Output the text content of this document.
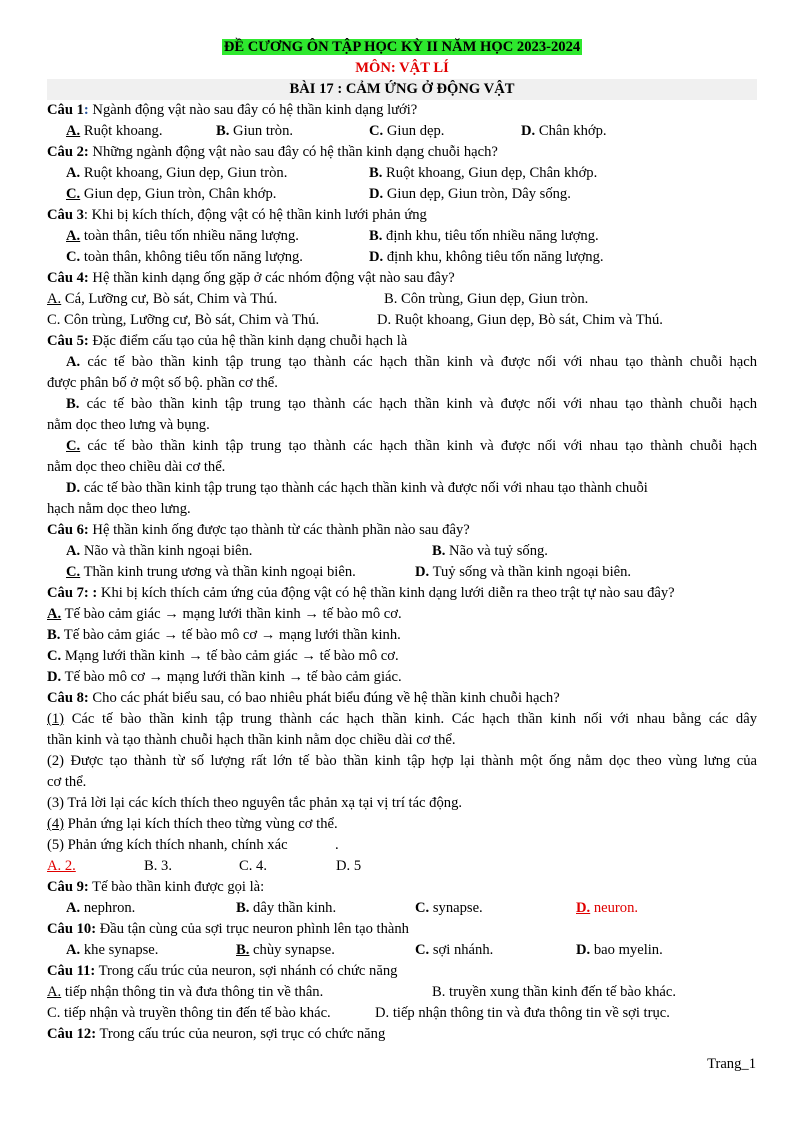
ĐỀ CƯƠNG ÔN TẬP HỌC KỲ II NĂM HỌC 2023-2024
MÔN: VẬT LÍ
BÀI 17 : CẢM ỨNG Ở ĐỘNG VẬT
Câu 1: Ngành động vật nào sau đây có hệ thần kinh dạng lưới?
A. Ruột khoang.	B. Giun tròn.	C. Giun dẹp.	D. Chân khớp.
Câu 2: Những ngành động vật nào sau đây có hệ thần kinh dạng chuỗi hạch?
A. Ruột khoang, Giun dẹp, Giun tròn.	B. Ruột khoang, Giun dẹp, Chân khớp.
C. Giun dẹp, Giun tròn, Chân khớp.	D. Giun dẹp, Giun tròn, Dây sống.
Câu 3: Khi bị kích thích, động vật có hệ thần kinh lưới phản ứng
A. toàn thân, tiêu tốn nhiều năng lượng.	B. định khu, tiêu tốn nhiều năng lượng.
C. toàn thân, không tiêu tốn năng lượng.	D. định khu, không tiêu tốn năng lượng.
Câu 4: Hệ thần kinh dạng ống gặp ở các nhóm động vật nào sau đây?
A. Cá, Lưỡng cư, Bò sát, Chim và Thú.	B. Côn trùng, Giun dẹp, Giun tròn.
C. Côn trùng, Lưỡng cư, Bò sát, Chim và Thú.	D. Ruột khoang, Giun dẹp, Bò sát, Chim và Thú.
Câu 5: Đặc điểm cấu tạo của hệ thần kinh dạng chuỗi hạch là
A. các tế bào thần kinh tập trung tạo thành các hạch thần kinh và được nối với nhau tạo thành chuỗi hạch
được phân bố ở một số bộ. phần cơ thể.
B. các tế bào thần kinh tập trung tạo thành các hạch thần kinh và được nối với nhau tạo thành chuỗi hạch
nằm dọc theo lưng và bụng.
C. các tế bào thần kinh tập trung tạo thành các hạch thần kinh và được nối với nhau tạo thành chuỗi hạch
nằm dọc theo chiều dài cơ thể.
D. các tế bào thần kinh tập trung tạo thành các hạch thần kinh và được nối với nhau tạo thành chuỗi
hạch nằm dọc theo lưng.
Câu 6: Hệ thần kinh ống được tạo thành từ các thành phần nào sau đây?
A. Não và thần kinh ngoại biên.	B. Não và tuỷ sống.
C. Thần kinh trung ương và thần kinh ngoại biên.	D. Tuỷ sống và thần kinh ngoại biên.
Câu 7: : Khi bị kích thích cảm ứng của động vật có hệ thần kinh dạng lưới diễn ra theo trật tự nào sau đây?
A. Tế bào cảm giác → mạng lưới thần kinh → tế bào mô cơ.
B. Tế bào cảm giác → tế bào mô cơ → mạng lưới thần kinh.
C. Mạng lưới thần kinh → tế bào cảm giác → tế bào mô cơ.
D. Tế bào mô cơ → mạng lưới thần kinh → tế bào cảm giác.
Câu 8: Cho các phát biểu sau, có bao nhiêu phát biểu đúng về hệ thần kinh chuỗi hạch?
(1) Các tế bào thần kinh tập trung thành các hạch thần kinh. Các hạch thần kinh nối với nhau bằng các dây
thần kinh và tạo thành chuỗi hạch thần kinh nằm dọc chiều dài cơ thể.
(2) Được tạo thành từ số lượng rất lớn tế bào thần kinh tập hợp lại thành một ống nằm dọc theo vùng lưng của
cơ thể.
(3) Trả lời lại các kích thích theo nguyên tắc phản xạ tại vị trí tác động.
(4) Phản ứng lại kích thích theo từng vùng cơ thể.
(5) Phản ứng kích thích nhanh, chính xác	.
A. 2.	B. 3.	C. 4.	D. 5
Câu 9: Tế bào thần kinh được gọi là:
A. nephron.	B. dây thần kinh.	C. synapse.	D. neuron.
Câu 10: Đầu tận cùng của sợi trục neuron phình lên tạo thành
A. khe synapse.	B. chùy synapse.	C. sợi nhánh.	D. bao myelin.
Câu 11: Trong cấu trúc của neuron, sợi nhánh có chức năng
A. tiếp nhận thông tin và đưa thông tin về thân.	B. truyền xung thần kinh đến tế bào khác.
C. tiếp nhận và truyền thông tin đến tế bào khác.	D. tiếp nhận thông tin và đưa thông tin về sợi trục.
Câu 12: Trong cấu trúc của neuron, sợi trục có chức năng
Trang_1
